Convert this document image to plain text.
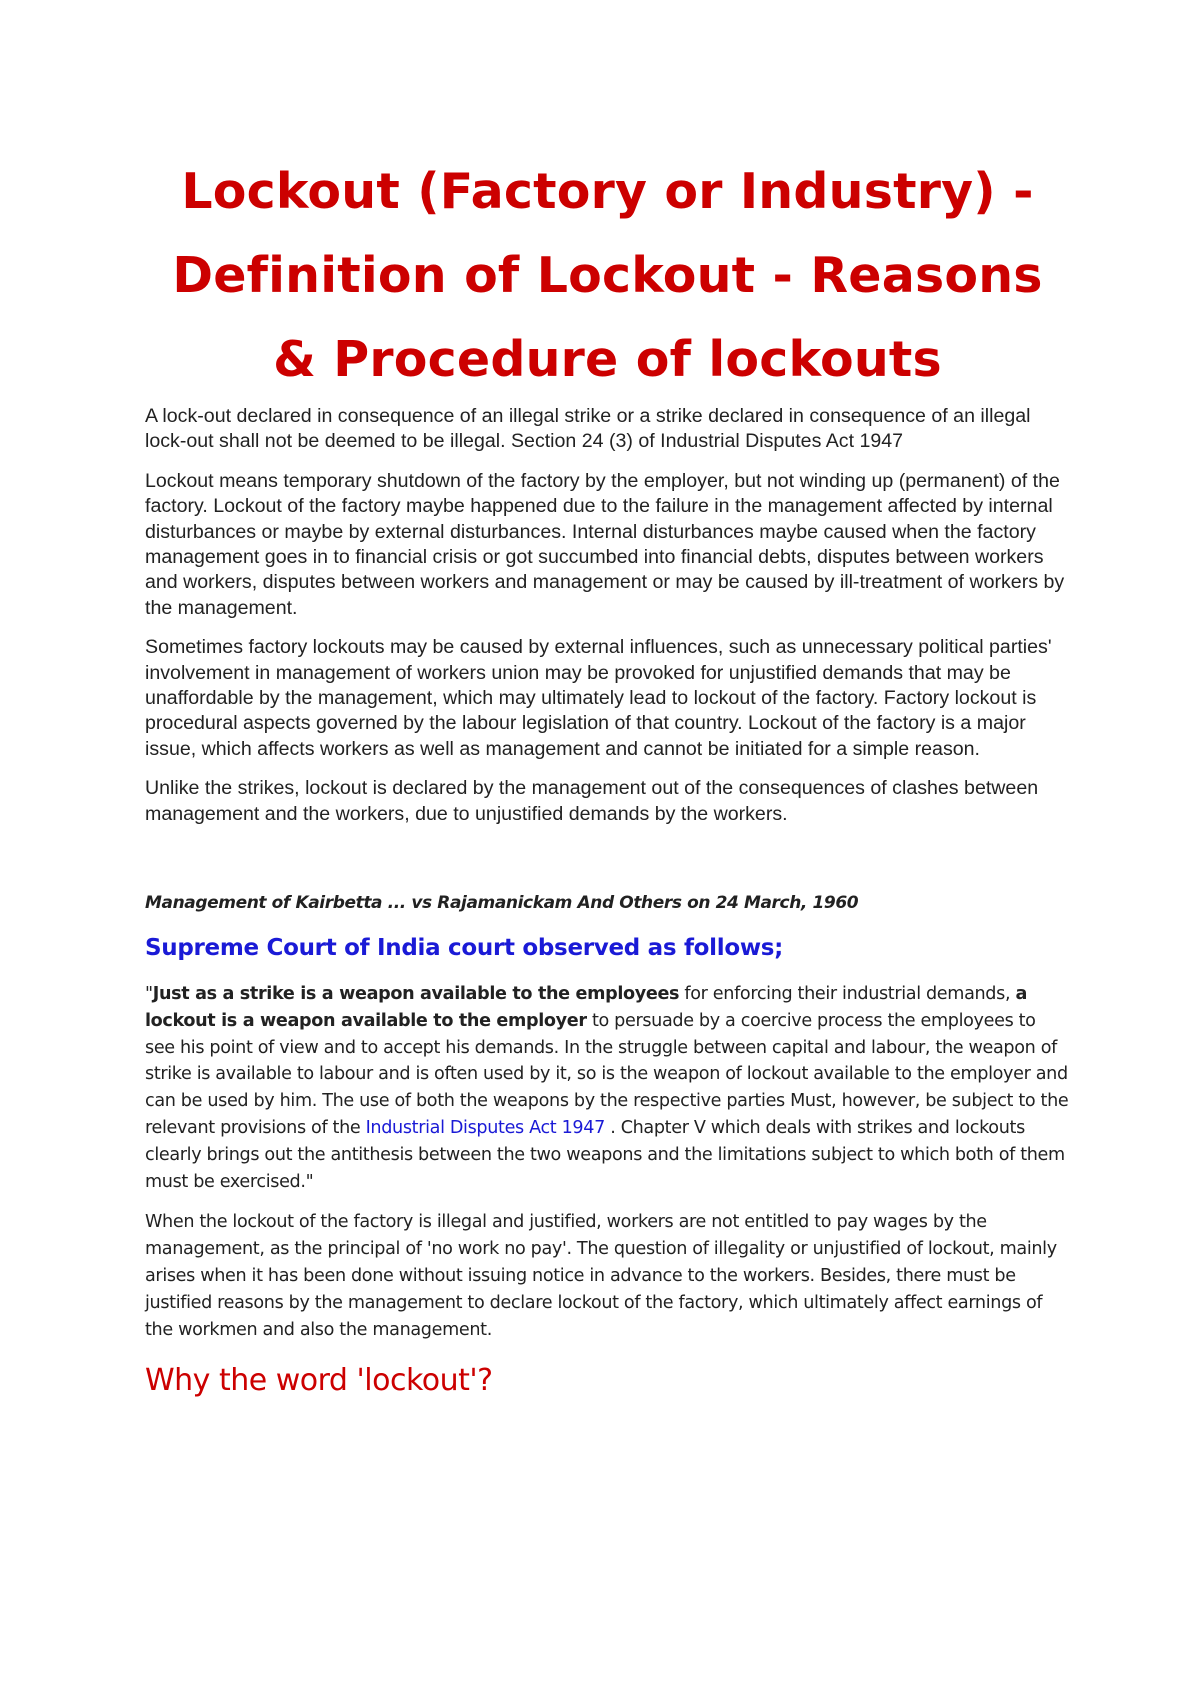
Lockout (Factory or Industry) -
Definition of Lockout - Reasons
& Procedure of lockouts

A lock-out declared in consequence of an illegal strike or a strike declared in consequence of an illegal lock-out shall not be deemed to be illegal. Section 24 (3) of Industrial Disputes Act 1947

Lockout means temporary shutdown of the factory by the employer, but not winding up (permanent) of the factory. Lockout of the factory maybe happened due to the failure in the management affected by internal disturbances or maybe by external disturbances. Internal disturbances maybe caused when the factory management goes in to financial crisis or got succumbed into financial debts, disputes between workers and workers, disputes between workers and management or may be caused by ill-treatment of workers by the management.

Sometimes factory lockouts may be caused by external influences, such as unnecessary political parties' involvement in management of workers union may be provoked for unjustified demands that may be unaffordable by the management, which may ultimately lead to lockout of the factory. Factory lockout is procedural aspects governed by the labour legislation of that country. Lockout of the factory is a major issue, which affects workers as well as management and cannot be initiated for a simple reason.

Unlike the strikes, lockout is declared by the management out of the consequences of clashes between management and the workers, due to unjustified demands by the workers.

Management of Kairbetta ... vs Rajamanickam And Others on 24 March, 1960
Supreme Court of India court observed as follows;

"Just as a strike is a weapon available to the employees for enforcing their industrial demands, a lockout is a weapon available to the employer to persuade by a coercive process the employees to see his point of view and to accept his demands. In the struggle between capital and labour, the weapon of strike is available to labour and is often used by it, so is the weapon of lockout available to the employer and can be used by him. The use of both the weapons by the respective parties Must, however, be subject to the relevant provisions of the Industrial Disputes Act 1947 . Chapter V which deals with strikes and lockouts clearly brings out the antithesis between the two weapons and the limitations subject to which both of them must be exercised."

When the lockout of the factory is illegal and justified, workers are not entitled to pay wages by the management, as the principal of 'no work no pay'. The question of illegality or unjustified of lockout, mainly arises when it has been done without issuing notice in advance to the workers. Besides, there must be justified reasons by the management to declare lockout of the factory, which ultimately affect earnings of the workmen and also the management.

Why the word 'lockout'?
